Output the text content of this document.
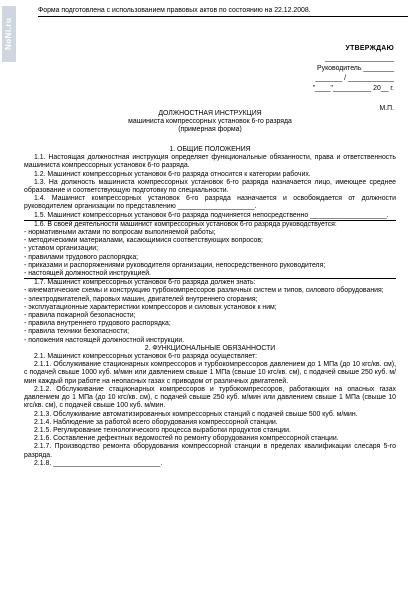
NoNi.ru
Форма подготовлена с использованием правовых актов по состоянию на 22.12.2008.
УТВЕРЖДАЮ
__________________
Руководитель ________
_______ / ____________
"____"__________ 20__ г.
М.П.
ДОЛЖНОСТНАЯ ИНСТРУКЦИЯ
машиниста компрессорных установок 6-го разряда
(примерная форма)

1. ОБЩИЕ ПОЛОЖЕНИЯ

1.1. Настоящая должностная инструкция определяет функциональные обязанности, права и ответственность машиниста компрессорных установок 6-го разряда.

1.2. Машинист компрессорных установок 6-го разряда относится к категории рабочих.

1.3. На должность машиниста компрессорных установок 6-го разряда назначается лицо, имеющее среднее образование и соответствующую подготовку по специальности.

1.4. Машинист компрессорных установок 6-го разряда назначается и освобождается от должности руководителем организации по представлению ____________________.

1.5. Машинист компрессорных установок 6-го разряда подчиняется непосредственно ____________________.

1.6. В своей деятельности машинист компрессорных установок 6-го разряда руководствуется:

- нормативными актами по вопросам выполняемой работы;

- методическими материалами, касающимися соответствующих вопросов;

- уставом организации;

- правилами трудового распорядка;

- приказами и распоряжениями руководителя организации, непосредственного руководителя;

- настоящей должностной инструкцией.

1.7. Машинист компрессорных установок 6-го разряда должен знать:

- кинематические схемы и конструкцию турбокомпрессоров различных систем и типов, силового оборудования;

- электродвигателей, паровых машин, двигателей внутреннего сгорания;

- эксплуатационные характеристики компрессоров и силовых установок к ним;

- правила пожарной безопасности;

- правила внутреннего трудового распорядка;

- правила техники безопасности;

- положения настоящей должностной инструкции.

2. ФУНКЦИОНАЛЬНЫЕ ОБЯЗАННОСТИ

2.1. Машинист компрессорных установок 6-го разряда осуществляет:

2.1.1. Обслуживание стационарных компрессоров и турбокомпрессоров давлением до 1 МПа (до 10 кгс/кв. см), с подачей свыше 1000 куб. м/мин или давлением свыше 1 МПа (свыше 10 кгс/кв. см), с подачей свыше 250 куб. м/мин каждый при работе на неопасных газах с приводом от различных двигателей.

2.1.2. Обслуживание стационарных компрессоров и турбокомпрессоров, работающих на опасных газах давлением до 1 МПа (до 10 кгс/кв. см), с подачей свыше 250 куб. м/мин или давлением свыше 1 МПа (свыше 10 кгс/кв. см), с подачей свыше 100 куб. м/мин.

2.1.3. Обслуживание автоматизированных компрессорных станций с подачей свыше 500 куб. м/мин.

2.1.4. Наблюдение за работой всего оборудования компрессорной станции.

2.1.5. Регулирование технологического процесса выработки продуктов станции.

2.1.6. Составление дефектных ведомостей по ремонту оборудования компрессорной станции.

2.1.7. Производство ремонта оборудования компрессорной станции в пределах квалификации слесаря 5-го разряда.

2.1.8. ____________________________.
